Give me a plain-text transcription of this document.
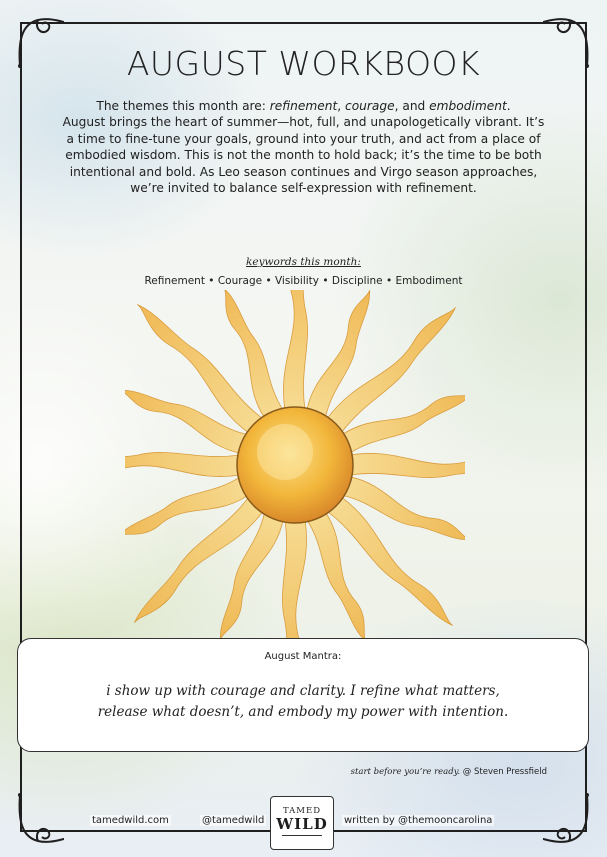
AUGUST WORKBOOK
The themes this month are: refinement, courage, and embodiment.
August brings the heart of summer—hot, full, and unapologetically vibrant. It’s a time to fine-tune your goals, ground into your truth, and act from a place of embodied wisdom. This is not the month to hold back; it’s the time to be both intentional and bold. As Leo season continues and Virgo season approaches, we’re invited to balance self-expression with refinement.
keywords this month:
Refinement • Courage • Visibility • Discipline • Embodiment
August Mantra:
i show up with courage and clarity. I refine what matters,
release what doesn’t, and embody my power with intention.
start before you’re ready. @ Steven Pressfield
tamedwild.com	@tamedwild	written by @themooncarolina
TAMED
WILD
